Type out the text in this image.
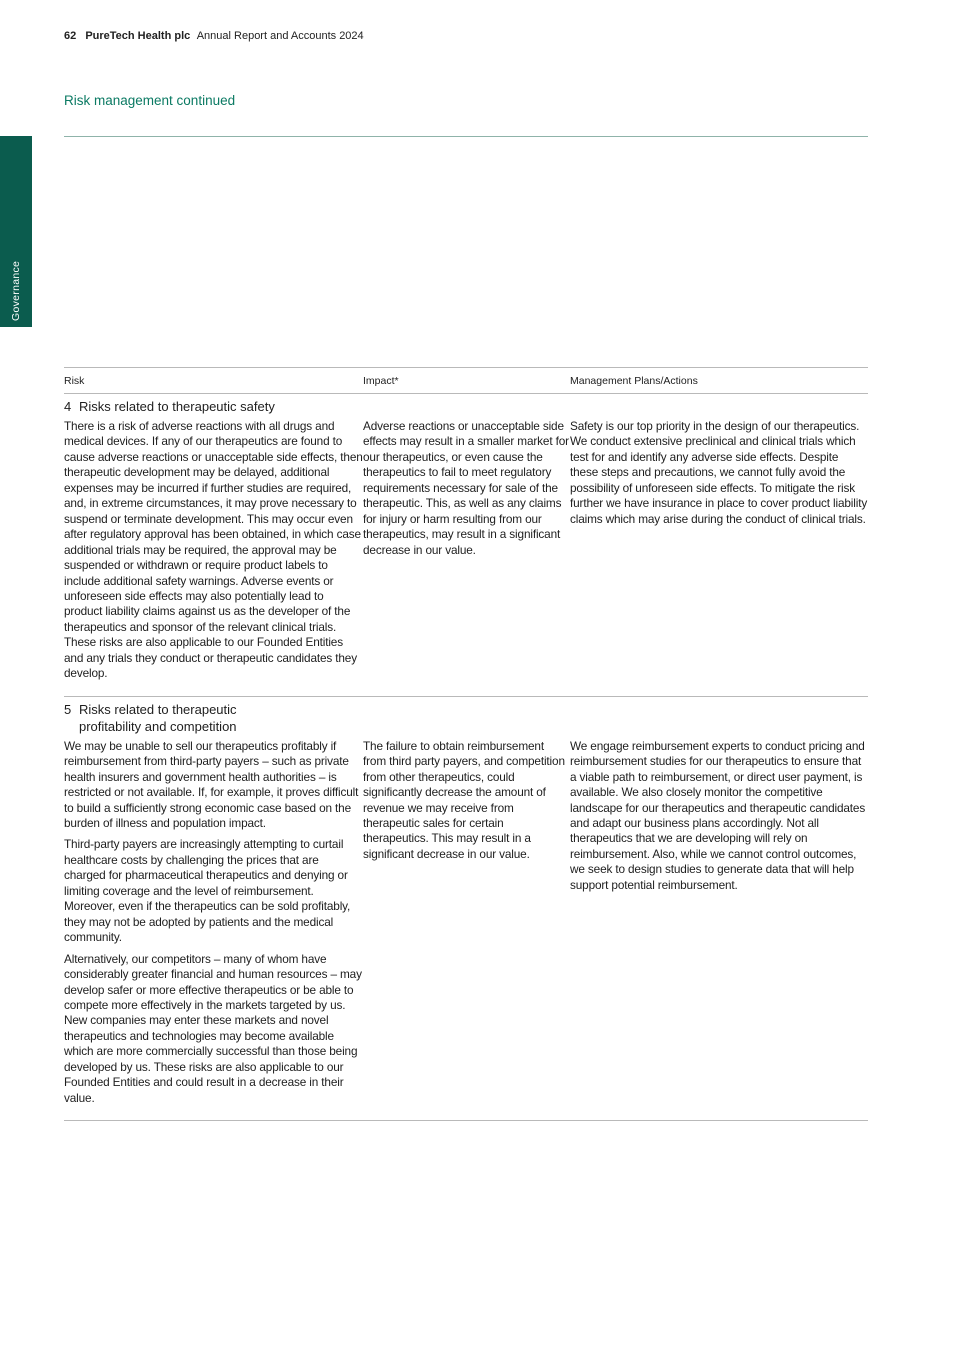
Governance
62 PureTech Health plc Annual Report and Accounts 2024
Risk management continued
Risk	Impact*	Management Plans/Actions
4 Risks related to therapeutic safety

There is a risk of adverse reactions with all drugs and medical devices. If any of our therapeutics are found to cause adverse reactions or unacceptable side effects, then therapeutic development may be delayed, additional expenses may be incurred if further studies are required, and, in extreme circumstances, it may prove necessary to suspend or terminate development. This may occur even after regulatory approval has been obtained, in which case additional trials may be required, the approval may be suspended or withdrawn or require product labels to include additional safety warnings. Adverse events or unforeseen side effects may also potentially lead to product liability claims against us as the developer of the therapeutics and sponsor of the relevant clinical trials. These risks are also applicable to our Founded Entities and any trials they conduct or therapeutic candidates they develop.

Adverse reactions or unacceptable side effects may result in a smaller market for our therapeutics, or even cause the therapeutics to fail to meet regulatory requirements necessary for sale of the therapeutic. This, as well as any claims for injury or harm resulting from our therapeutics, may result in a significant decrease in our value.

Safety is our top priority in the design of our therapeutics. We conduct extensive preclinical and clinical trials which test for and identify any adverse side effects. Despite these steps and precautions, we cannot fully avoid the possibility of unforeseen side effects. To mitigate the risk further we have insurance in place to cover product liability claims which may arise during the conduct of clinical trials.

5 Risks related to therapeutic profitability and competition

We may be unable to sell our therapeutics profitably if reimbursement from third-party payers – such as private health insurers and government health authorities – is restricted or not available. If, for example, it proves difficult to build a sufficiently strong economic case based on the burden of illness and population impact.

Third-party payers are increasingly attempting to curtail healthcare costs by challenging the prices that are charged for pharmaceutical therapeutics and denying or limiting coverage and the level of reimbursement. Moreover, even if the therapeutics can be sold profitably, they may not be adopted by patients and the medical community.

Alternatively, our competitors – many of whom have considerably greater financial and human resources – may develop safer or more effective therapeutics or be able to compete more effectively in the markets targeted by us. New companies may enter these markets and novel therapeutics and technologies may become available which are more commercially successful than those being developed by us. These risks are also applicable to our Founded Entities and could result in a decrease in their value.

The failure to obtain reimbursement from third party payers, and competition from other therapeutics, could significantly decrease the amount of revenue we may receive from therapeutic sales for certain therapeutics. This may result in a significant decrease in our value.

We engage reimbursement experts to conduct pricing and reimbursement studies for our therapeutics to ensure that a viable path to reimbursement, or direct user payment, is available. We also closely monitor the competitive landscape for our therapeutics and therapeutic candidates and adapt our business plans accordingly. Not all therapeutics that we are developing will rely on reimbursement. Also, while we cannot control outcomes, we seek to design studies to generate data that will help support potential reimbursement.
